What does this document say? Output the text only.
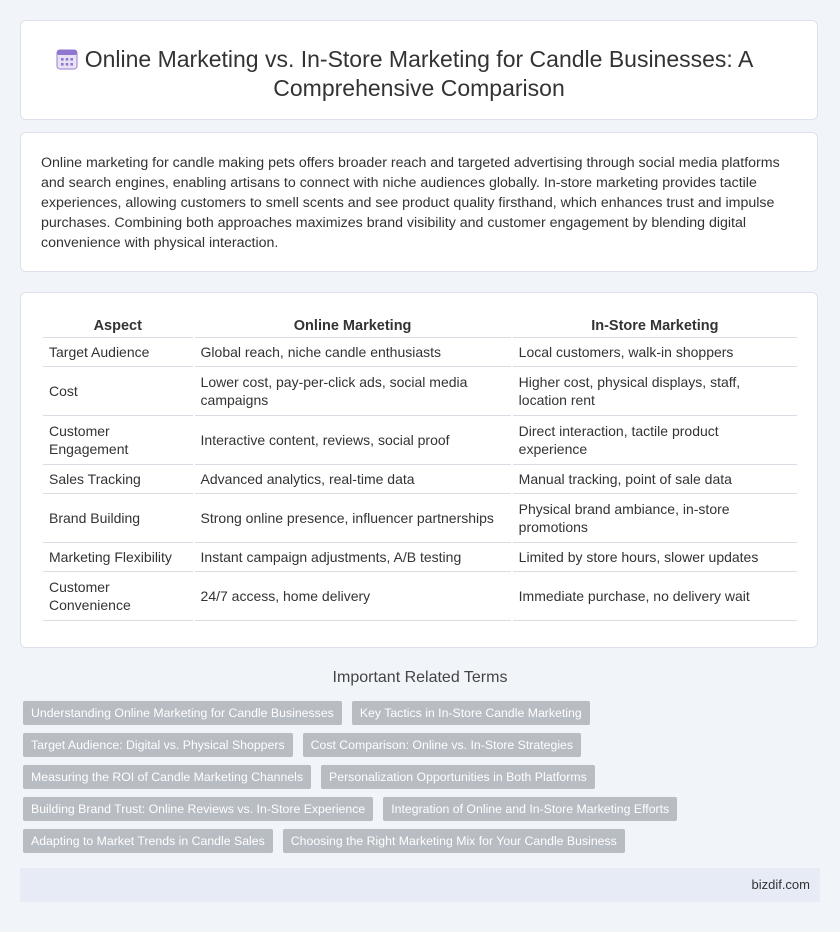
Online Marketing vs. In-Store Marketing for Candle Businesses: A
Comprehensive Comparison
Online marketing for candle making pets offers broader reach and targeted advertising through social media platforms and search engines, enabling artisans to connect with niche audiences globally. In-store marketing provides tactile experiences, allowing customers to smell scents and see product quality firsthand, which enhances trust and impulse purchases. Combining both approaches maximizes brand visibility and customer engagement by blending digital convenience with physical interaction.
Aspect	Online Marketing	In-Store Marketing
Target Audience	Global reach, niche candle enthusiasts	Local customers, walk-in shoppers
Cost	Lower cost, pay-per-click ads, social media campaigns	Higher cost, physical displays, staff, location rent
Customer Engagement	Interactive content, reviews, social proof	Direct interaction, tactile product experience
Sales Tracking	Advanced analytics, real-time data	Manual tracking, point of sale data
Brand Building	Strong online presence, influencer partnerships	Physical brand ambiance, in-store promotions
Marketing Flexibility	Instant campaign adjustments, A/B testing	Limited by store hours, slower updates
Customer Convenience	24/7 access, home delivery	Immediate purchase, no delivery wait
Important Related Terms
Understanding Online Marketing for Candle Businesses Key Tactics in In-Store Candle Marketing
Target Audience: Digital vs. Physical Shoppers Cost Comparison: Online vs. In-Store Strategies
Measuring the ROI of Candle Marketing Channels Personalization Opportunities in Both Platforms
Building Brand Trust: Online Reviews vs. In-Store Experience Integration of Online and In-Store Marketing Efforts
Adapting to Market Trends in Candle Sales Choosing the Right Marketing Mix for Your Candle Business
bizdif.com
